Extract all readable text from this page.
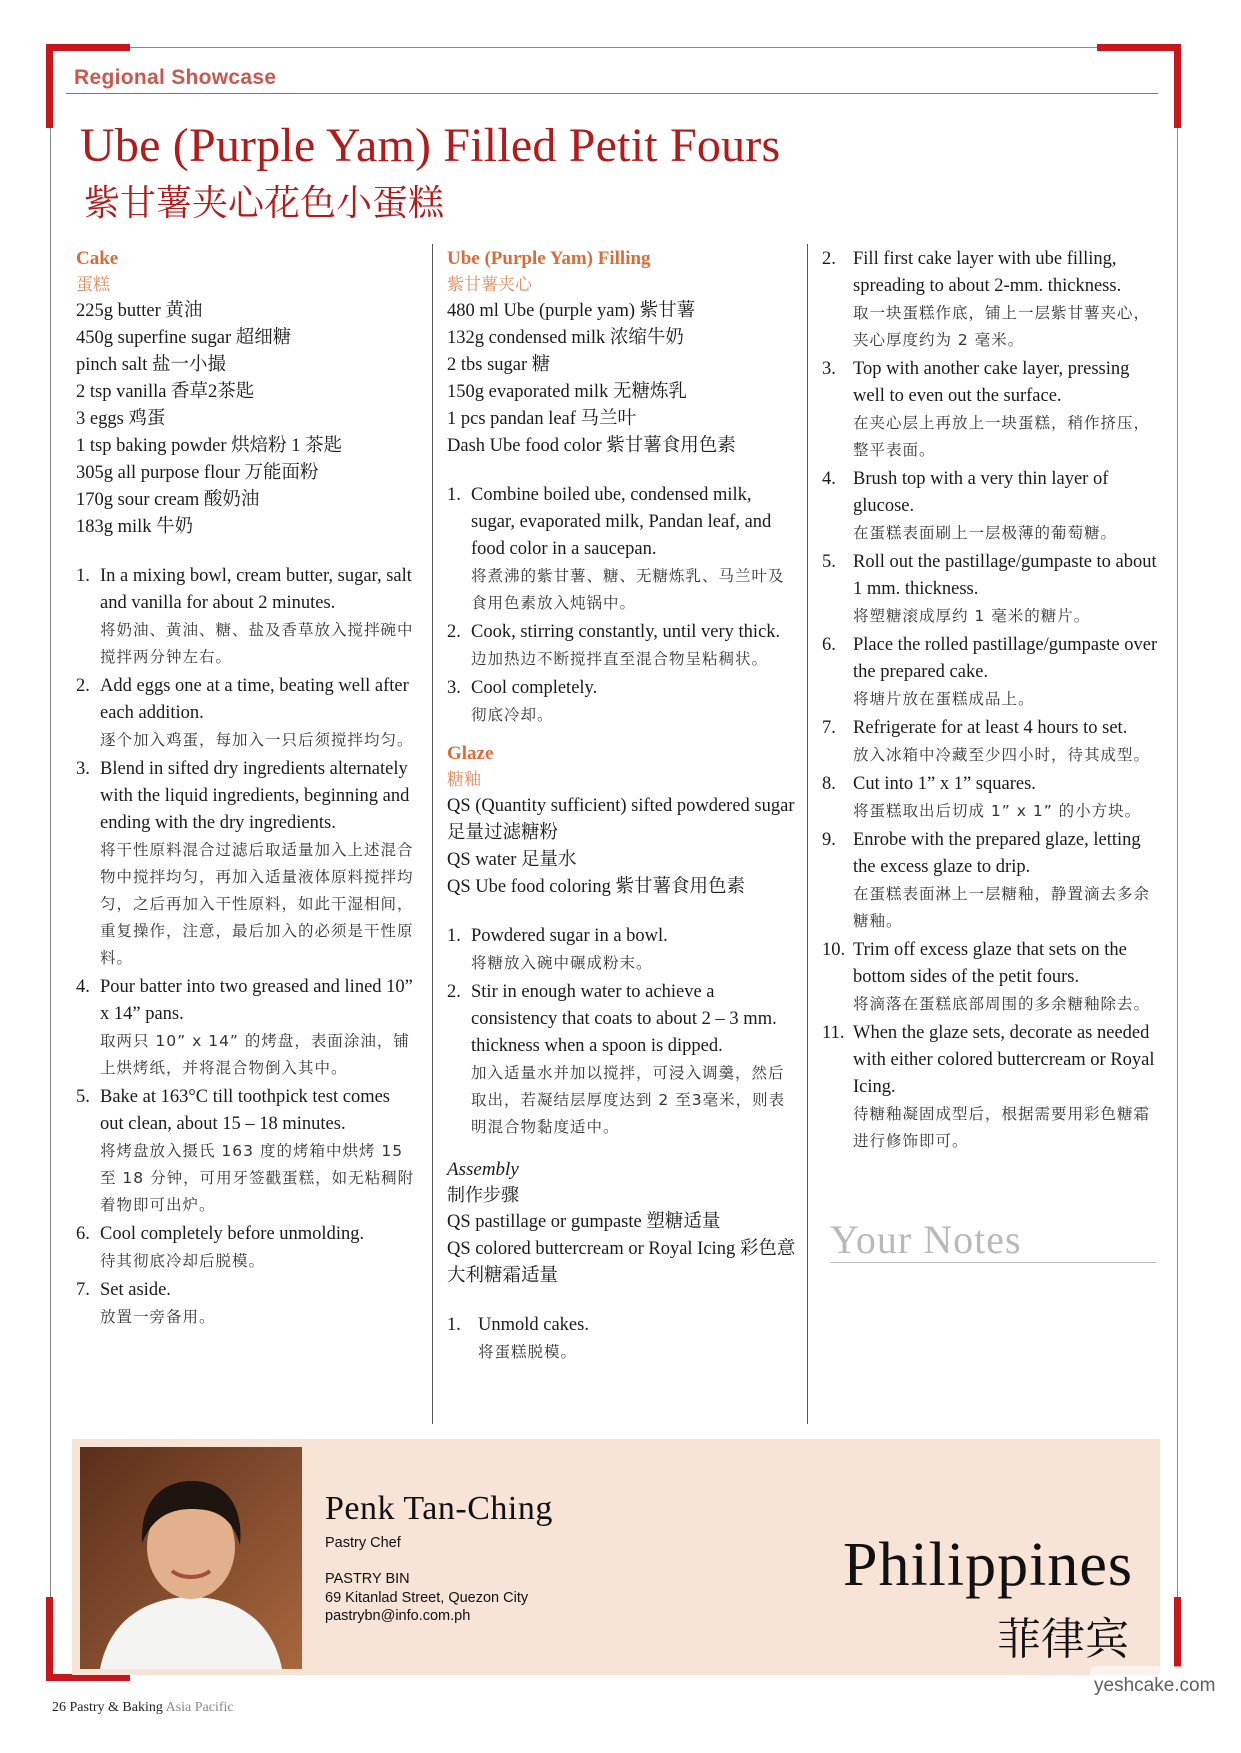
Regional Showcase
Ube (Purple Yam) Filled Petit Fours
紫甘薯夹心花色小蛋糕
Cake
蛋糕

225g butter 黄油

450g superfine sugar 超细糖

pinch salt 盐一小撮

2 tsp vanilla 香草2茶匙

3 eggs 鸡蛋

1 tsp baking powder 烘焙粉 1 茶匙

305g all purpose flour 万能面粉

170g sour cream 酸奶油

183g milk 牛奶

1. In a mixing bowl, cream butter, sugar, salt and vanilla for about 2 minutes.
将奶油、黄油、糖、盐及香草放入搅拌碗中搅拌两分钟左右。
2. Add eggs one at a time, beating well after each addition.
逐个加入鸡蛋，每加入一只后须搅拌均匀。
3. Blend in sifted dry ingredients alternately with the liquid ingredients, beginning and ending with the dry ingredients.
将干性原料混合过滤后取适量加入上述混合物中搅拌均匀，再加入适量液体原料搅拌均匀，之后再加入干性原料，如此干湿相间，重复操作，注意，最后加入的必须是干性原料。
4. Pour batter into two greased and lined 10” x 14” pans.
取两只 10” x 14” 的烤盘，表面涂油，铺上烘烤纸，并将混合物倒入其中。
5. Bake at 163°C till toothpick test comes out clean, about 15 – 18 minutes.
将烤盘放入摄氏 163 度的烤箱中烘烤 15至 18 分钟，可用牙签戳蛋糕，如无粘稠附着物即可出炉。
6. Cool completely before unmolding.
待其彻底冷却后脱模。
7. Set aside.
放置一旁备用。
Ube (Purple Yam) Filling
紫甘薯夹心

480 ml Ube (purple yam) 紫甘薯

132g condensed milk 浓缩牛奶

2 tbs sugar 糖

150g evaporated milk 无糖炼乳

1 pcs pandan leaf 马兰叶

Dash Ube food color 紫甘薯食用色素

1. Combine boiled ube, condensed milk, sugar, evaporated milk, Pandan leaf, and food color in a saucepan.
将煮沸的紫甘薯、糖、无糖炼乳、马兰叶及食用色素放入炖锅中。
2. Cook, stirring constantly, until very thick.
边加热边不断搅拌直至混合物呈粘稠状。
3. Cool completely.
彻底冷却。
Glaze
糖釉

QS (Quantity sufficient) sifted powdered sugar 足量过滤糖粉

QS water 足量水

QS Ube food coloring 紫甘薯食用色素

1. Powdered sugar in a bowl.
将糖放入碗中碾成粉末。
2. Stir in enough water to achieve a consistency that coats to about 2 – 3 mm. thickness when a spoon is dipped.
加入适量水并加以搅拌，可浸入调羹，然后取出，若凝结层厚度达到 2 至3毫米，则表明混合物黏度适中。
Assembly
制作步骤

QS pastillage or gumpaste 塑糖适量

QS colored buttercream or Royal Icing 彩色意大利糖霜适量

1. Unmold cakes.
将蛋糕脱模。
2. Fill first cake layer with ube filling, spreading to about 2-mm. thickness.
取一块蛋糕作底，铺上一层紫甘薯夹心，夹心厚度约为 2 毫米。
3. Top with another cake layer, pressing well to even out the surface.
在夹心层上再放上一块蛋糕，稍作挤压，整平表面。
4. Brush top with a very thin layer of glucose.
在蛋糕表面刷上一层极薄的葡萄糖。
5. Roll out the pastillage/gumpaste to about 1 mm. thickness.
将塑糖滚成厚约 1 毫米的糖片。
6. Place the rolled pastillage/gumpaste over the prepared cake.
将塘片放在蛋糕成品上。
7. Refrigerate for at least 4 hours to set.
放入冰箱中冷藏至少四小时，待其成型。
8. Cut into 1” x 1” squares.
将蛋糕取出后切成 1” x 1” 的小方块。
9. Enrobe with the prepared glaze, letting the excess glaze to drip.
在蛋糕表面淋上一层糖釉，静置滴去多余糖釉。
10. Trim off excess glaze that sets on the bottom sides of the petit fours.
将滴落在蛋糕底部周围的多余糖釉除去。
11. When the glaze sets, decorate as needed with either colored buttercream or Royal Icing.
待糖釉凝固成型后，根据需要用彩色糖霜进行修饰即可。
Your Notes
Penk Tan-Ching
Pastry Chef
PASTRY BIN
69 Kitanlad Street, Quezon City
pastrybn@info.com.ph
Philippines
菲律宾
26 Pastry & Baking Asia Pacific
yeshcake.com
